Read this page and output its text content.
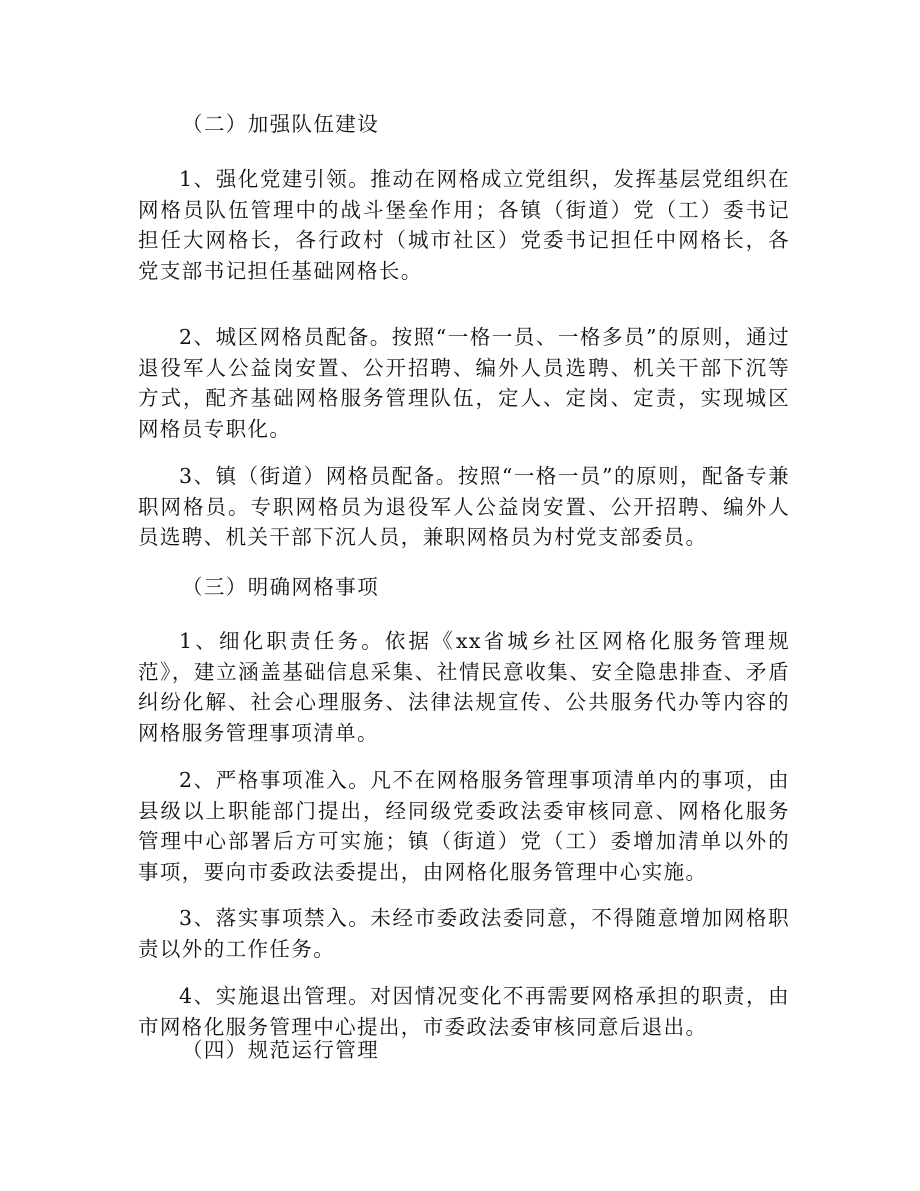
（二）加强队伍建设

1、强化党建引领。推动在网格成立党组织，发挥基层党组织在网格员队伍管理中的战斗堡垒作用；各镇（街道）党（工）委书记担任大网格长，各行政村（城市社区）党委书记担任中网格长，各党支部书记担任基础网格长。

2、城区网格员配备。按照“一格一员、一格多员”的原则，通过退役军人公益岗安置、公开招聘、编外人员选聘、机关干部下沉等方式，配齐基础网格服务管理队伍，定人、定岗、定责，实现城区网格员专职化。

3、镇（街道）网格员配备。按照“一格一员”的原则，配备专兼职网格员。专职网格员为退役军人公益岗安置、公开招聘、编外人员选聘、机关干部下沉人员，兼职网格员为村党支部委员。

（三）明确网格事项

1、细化职责任务。依据《xx省城乡社区网格化服务管理规范》，建立涵盖基础信息采集、社情民意收集、安全隐患排查、矛盾纠纷化解、社会心理服务、法律法规宣传、公共服务代办等内容的网格服务管理事项清单。

2、严格事项准入。凡不在网格服务管理事项清单内的事项，由县级以上职能部门提出，经同级党委政法委审核同意、网格化服务管理中心部署后方可实施；镇（街道）党（工）委增加清单以外的事项，要向市委政法委提出，由网格化服务管理中心实施。

3、落实事项禁入。未经市委政法委同意，不得随意增加网格职责以外的工作任务。

4、实施退出管理。对因情况变化不再需要网格承担的职责，由市网格化服务管理中心提出，市委政法委审核同意后退出。

（四）规范运行管理
